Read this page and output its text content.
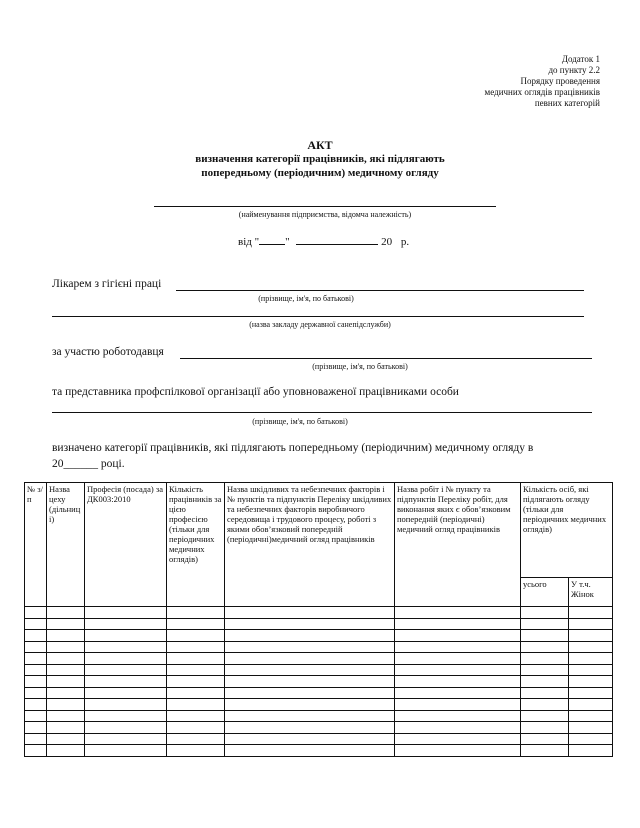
Додаток 1
до пункту 2.2
Порядку проведення
медичних оглядів працівників
певних категорій
АКТ
визначення категорії працівників, які підлягають
попередньому (періодичним) медичному огляду
(найменування підприємства, відомча належність)
від " "	20 р.
Лікарем з гігієні праці
(прізвище, ім'я, по батькові)
(назва закладу державної санепідслужби)
за участю роботодавця
(прізвище, ім'я, по батькові)
та представника профспілкової організації або уповноваженої працівниками особи
(прізвище, ім'я, по батькові)
визначено категорії працівників, які підлягають попередньому (періодичним) медичному огляду в
20______ році.
№ з/п	Назва цеху (дільниці)	Професія (посада) за ДК003:2010	Кількість працівників за цією професією (тільки для періодичних медичних оглядів)	Назва шкідливих та небезпечних факторів і № пунктів та підпунктів Переліку шкідливих та небезпечних факторів виробничого середовища і трудового процесу, роботі з якими обов’язковий попередній (періодичні)медичний огляд працівників	Назва робіт і № пункту та підпунктів Переліку робіт, для виконання яких є обов’язковим попередній (періодичні) медичний огляд працівників	Кількість осіб, які підлягають огляду (тільки для періодичних медичних оглядів)	
						усього	У т.ч. Жінок
